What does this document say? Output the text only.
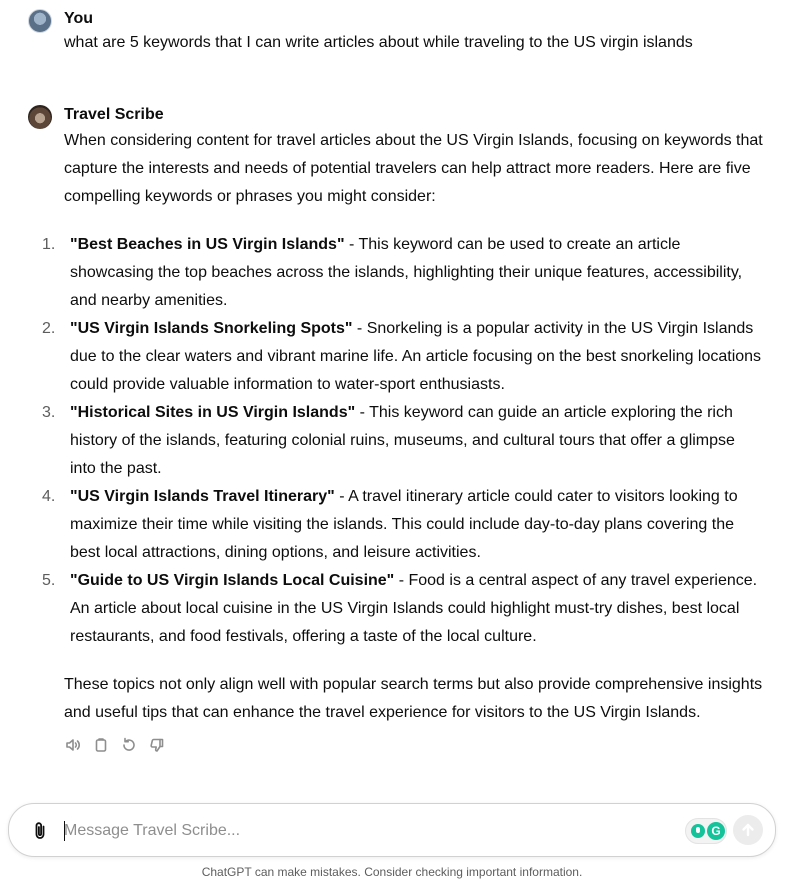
You
what are 5 keywords that I can write articles about while traveling to the US virgin islands
Travel Scribe

When considering content for travel articles about the US Virgin Islands, focusing on keywords that capture the interests and needs of potential travelers can help attract more readers. Here are five compelling keywords or phrases you might consider:

1. "Best Beaches in US Virgin Islands" - This keyword can be used to create an article showcasing the top beaches across the islands, highlighting their unique features, accessibility, and nearby amenities.
2. "US Virgin Islands Snorkeling Spots" - Snorkeling is a popular activity in the US Virgin Islands due to the clear waters and vibrant marine life. An article focusing on the best snorkeling locations could provide valuable information to water-sport enthusiasts.
3. "Historical Sites in US Virgin Islands" - This keyword can guide an article exploring the rich history of the islands, featuring colonial ruins, museums, and cultural tours that offer a glimpse into the past.
4. "US Virgin Islands Travel Itinerary" - A travel itinerary article could cater to visitors looking to maximize their time while visiting the islands. This could include day-to-day plans covering the best local attractions, dining options, and leisure activities.
5. "Guide to US Virgin Islands Local Cuisine" - Food is a central aspect of any travel experience. An article about local cuisine in the US Virgin Islands could highlight must-try dishes, best local restaurants, and food festivals, offering a taste of the local culture.

These topics not only align well with popular search terms but also provide comprehensive insights and useful tips that can enhance the travel experience for visitors to the US Virgin Islands.

Message Travel Scribe...
G
ChatGPT can make mistakes. Consider checking important information.
